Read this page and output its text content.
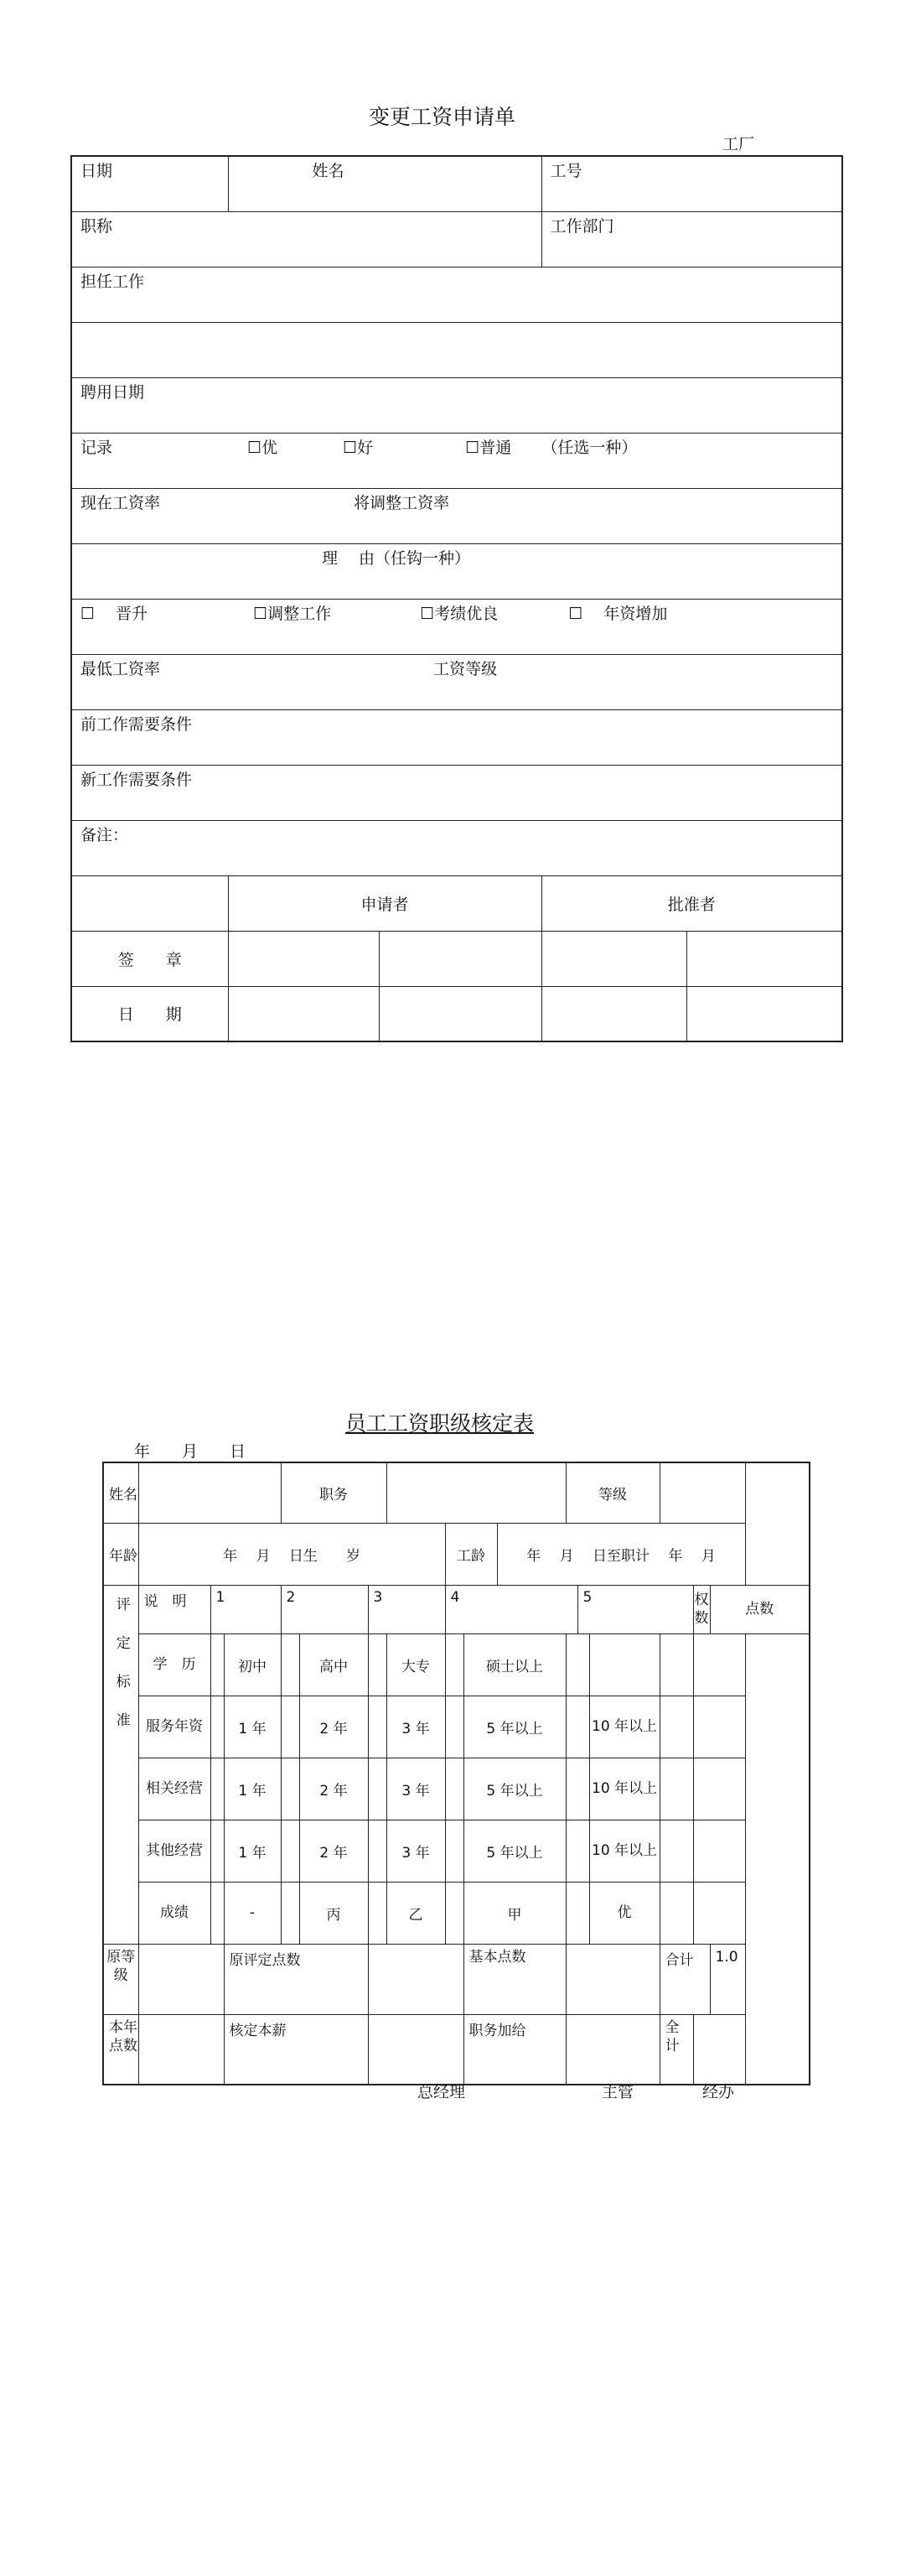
变更工资申请单
工厂
日期	姓名		工号	
职称			工作部门	
担任工作				

聘用日期				
记录 ☐优 ☐好 ☐普通 （任选一种）				
现在工资率 将调整工资率				
理　 由（任钩一种）				
☐　 晋升 ☐调整工作 ☐考绩优良 ☐　 年资增加				
最低工资率 工资等级				
前工作需要条件				
新工作需要条件				
备注：				
	申请者		批准者	
签　　章				
日　　期				
员工工资职级核定表
年　　月　　日
姓名				职务							等级					
年龄	年　 月　 日生　　岁							工龄		年　 月　 日至职计　 年　 月						

评
定
标
准	说　明	1		2		3		4				5			权数	点数
	学　历		初中		高中		大专		硕士以上							
	服务年资		1 年		2 年		3 年		5 年以上				10 年以上			
	相关经营		1 年		2 年		3 年		5 年以上				10 年以上			
	其他经营		1 年		2 年		3 年		5 年以上				10 年以上			
	成绩		-		丙		乙		甲				优			
原等级			原评定点数						基本点数					合计		1.0
本年点数			核定本薪						职务加给					全计		
总经理	主管	经办
